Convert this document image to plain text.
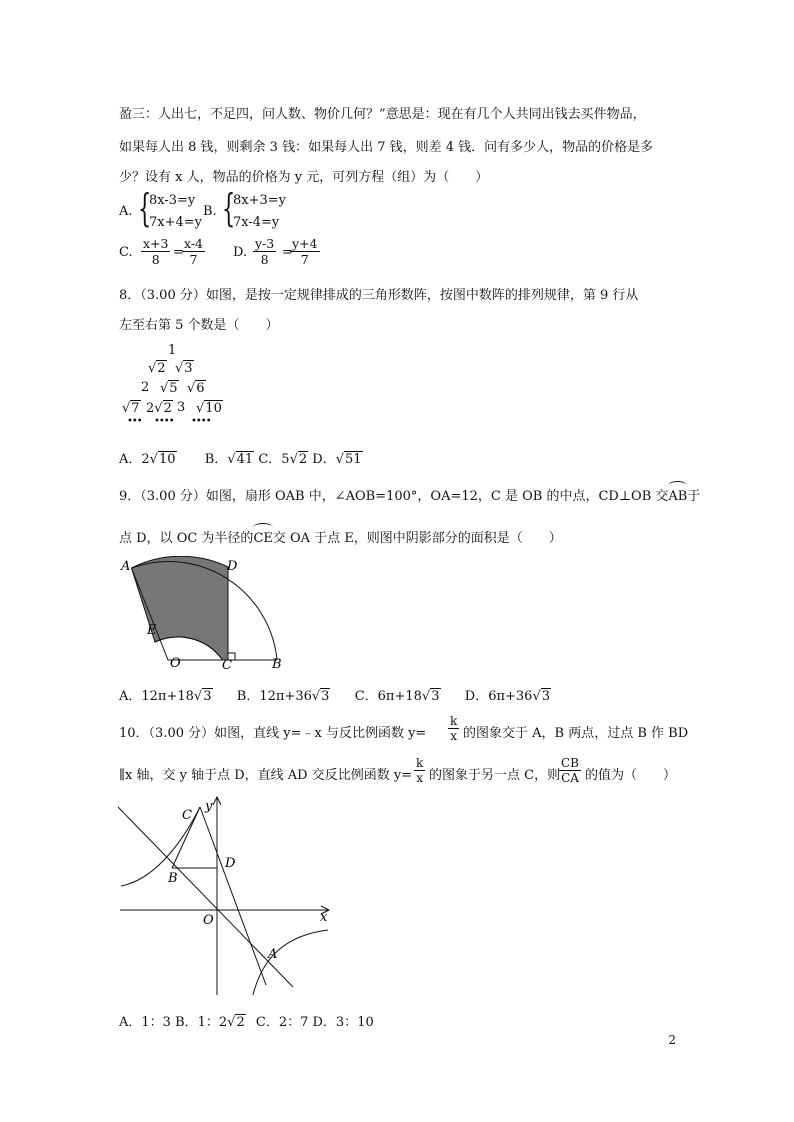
盈三：人出七，不足四，问人数、物价几何？”意思是：现在有几个人共同出钱去买件物品，
如果每人出 8 钱，则剩余 3 钱：如果每人出 7 钱，则差 4 钱．问有多少人，物品的价格是多
少？设有 x 人，物品的价格为 y 元，可列方程（组）为（　　）
A. {
8x-3=y
7x+4=y
B. {
8x+3=y
7x-4=y
C. $\frac{x+3}{8}$ =
$\frac{x-4}{7} D$. $\frac{y-3}{8}$ =
$\frac{y+4}{7}$
8．（3.00 分）如图，是按一定规律排成的三角形数阵，按图中数阵的排列规律，第 9 行从
左至右第 5 个数是（　　）
1
√2 √3
2 √5 √6
√7 2√2 3 √10
••• •••• ••••
A．2√10 B．√41 C．5√2 D．√51
9．（3.00 分）如图，扇形 OAB 中，∠AOB=100°，OA=12，C 是 OB 的中点，CD⊥OB 交
AB于
点 D，以 OC 为半径的
CE交 OA 于点 E，则图中阴影部分的面积是（　　）
A	D
E
O	C	B
A．12π+18√3 B．12π+36√3 C．6π+18√3 D．6π+36√3
10．（3.00 分）如图，直线 y=﹣x 与反比例函数 $y= \frac{k}{x}$ 的图象交于 A，B 两点，过点 B 作 BD
∥x 轴，交 y 轴于点 D，直线 AD 交反比例函数 $y= \frac{k}{x}$ 的图象于另一点 C，则
$\frac{CB}{CA}$ 的值为（　　）
C
y
D
B
O	x
A
A．1：3 B．1：2√2 C．2：7 D．3：10
2
